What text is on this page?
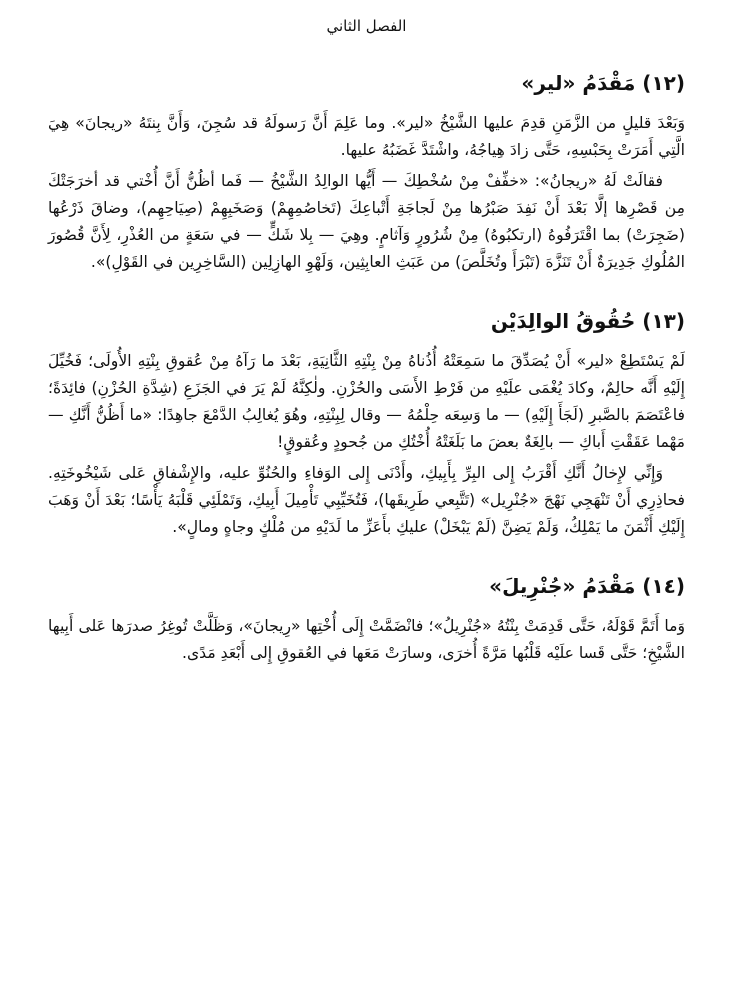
الفصل الثاني
(١٢) مَقْدَمُ «لير»

وَبَعْدَ قليلٍ من الزَّمَنِ قدِمَ عليها الشَّيْخُ «لير». وما عَلِمَ أَنَّ رَسولَهُ قد سُجِنَ، وَأَنَّ بِنتَهُ «ريجانَ» هِيَ الَّتِي أَمَرَتْ بِحَبْسِهِ، حَتَّى زادَ هِياجُهُ، واشْتَدَّ غَضَبُهُ عليها.

فقالَتْ لَهُ «ريجانُ»: «خفِّفْ مِنْ سُخْطِكَ — أَيُّها الوالِدُ الشَّيْخُ — فَما أظُنُّ أَنَّ أُخْتي قد أخرَجَتْكَ مِن قَصْرِها إلَّا بَعْدَ أَنْ نَفِدَ صَبْرُها مِنْ لَجاجَةِ أَتْباعِكَ (تَخاصُمِهِمْ) وَصَخَبِهِمْ (صِيَاحِهِم)، وضاقَ ذَرْعُها (ضَجِرَتْ) بما اقْتَرَفُوهُ (ارتكبُوهُ) مِنْ شُرُورٍ وَآثامٍ. وهِيَ — بِلا شَكٍّ — في سَعَةٍ من العُذْرِ، لِأَنَّ قُصُورَ المُلُوكِ جَدِيرَةٌ أَنْ تَنَزَّهَ (تَبْرَأَ وتُخَلَّصَ) من عَبَثِ العابِثِين، وَلَهْوِ الهازِلِين (السَّاخِرِين في القَوْلِ)».

(١٣) حُقُوقُ الوالِدَيْن

لَمْ يَسْتَطِعْ «لير» أَنْ يُصَدِّقَ ما سَمِعَتْهُ أُذُناهُ مِنْ بِنْتِهِ الثَّانِيَةِ، بَعْدَ ما رَآهُ مِنْ عُقوقِ بِنْتِهِ الأُولَى؛ فَخُيِّلَ إِلَيْهِ أَنَّه حالِمٌ، وكادَ يُغْمَى علَيْهِ من فَرْطِ الأَسَى والحُزْنِ. ولٰكِنَّهُ لَمْ يَرَ في الجَزَعِ (شِدَّةِ الحُزْنِ) فائِدَةً؛ فاعْتَصَمَ بالصَّبرِ (لَجَأَ إِلَيْهِ) — ما وَسِعَه حِلْمُهُ — وقال لِبِنْتِهِ، وهُوَ يُغالِبُ الدَّمْعَ جاهِدًا: «ما أَظُنُّ أَنَّكِ — مَهْما عَقَقْتِ أَباكِ — بالِغَةٌ بعضَ ما بَلَغَتْهُ أُخْتُكِ من جُحودٍ وعُقوقٍ!

وَإِنِّي لإِخالُ أَنَّكِ أَقْرَبُ إِلى البِرِّ بِأَبِيكِ، وأَدْنَى إِلى الوَفاءِ والحُنُوِّ عليه، والإِشْفاقِ عَلى شَيْخُوخَتِهِ. فحاذِرِي أَنْ تَنْهَجِي نَهْجَ «جُنْرِيل» (تَتَّبِعي طَرِيقَها)، فَتُخَيِّبِي تَأْمِيلَ أَبِيكِ، وَتَمْلَئِي قَلْبَهُ يَأْسًا؛ بَعْدَ أَنْ وَهَبَ إِلَيْكِ أَثْمَنَ ما يَمْلِكُ، وَلَمْ يَضِنَّ (لَمْ يَبْخَلْ) عليكِ بأَعَزِّ ما لَدَيْهِ من مُلْكٍ وجاهٍ ومالٍ».

(١٤) مَقْدَمُ «جُنْرِيلَ»

وَما أَتَمَّ قَوْلَهُ، حَتَّى قَدِمَتْ بِنْتُهُ «جُنْرِيلُ»؛ فانْضَمَّتْ إِلَى أُخْتِها «رِيجانَ»، وَظَلَّتْ تُوغِرُ صدرَها عَلى أَبِيها الشَّيْخِ؛ حَتَّى قَسا علَيْه قَلْبُها مَرَّةً أُخرَى، وسارَتْ مَعَها في العُقوقِ إِلى أَبْعَدِ مَدًى.
